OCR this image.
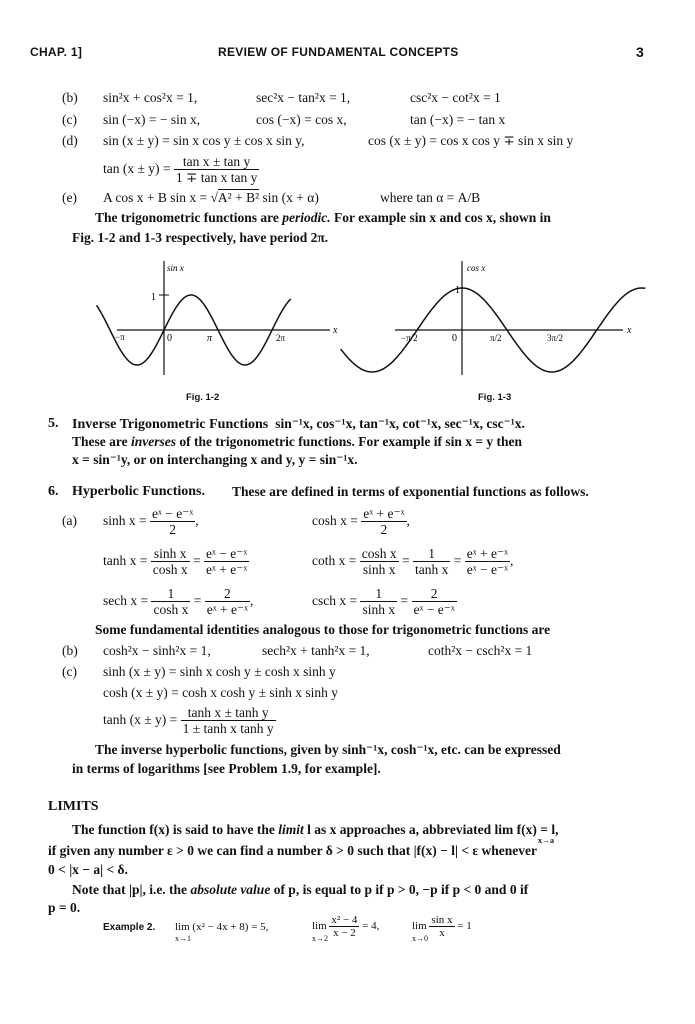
CHAP. 1]	REVIEW OF FUNDAMENTAL CONCEPTS	3
(b) sin²x + cos²x = 1,	sec²x − tan²x = 1,	csc²x − cot²x = 1
(c) sin (−x) = − sin x,	cos (−x) = cos x,	tan (−x) = − tan x
(d) sin (x ± y) = sin x cos y ± cos x sin y,	cos (x ± y) = cos x cos y ∓ sin x sin y
$\tan (x \pm y) = \frac{\text{tan x ± tan y}}{\text{1 ∓ tan x tan y}}$
(e) A cos x + B sin x = √A² + B² sin (x + α)	where tan α = A/B
The trigonometric functions are periodic. For example sin x and cos x, shown in
Fig. 1-2 and 1-3 respectively, have period 2π.
sin x
x
1
−π	0	π	2π
cos x
x
1
−π/2	0	π/2	3π/2
Fig. 1-2	Fig. 1-3
5. Inverse Trigonometric Functions sin⁻¹x, cos⁻¹x, tan⁻¹x, cot⁻¹x, sec⁻¹x, csc⁻¹x.
These are inverses of the trigonometric functions. For example if sin x = y then
x = sin⁻¹y, or on interchanging x and y, y = sin⁻¹x.
6. Hyperbolic Functions. These are defined in terms of exponential functions as follows.
(a) $\sinh x = \frac{\text{eˣ − e⁻ˣ}}{2}$ ,	$\cosh x = \frac{\text{eˣ + e⁻ˣ}}{2}$ ,
$\tanh x = \frac{\text{sinh x}}{\text{cosh x}} = \frac{\text{eˣ − e⁻ˣ}}{\text{eˣ + e⁻ˣ}}$	coth $x = \frac{\text{cosh x}}{\text{sinh x}} = \frac{1}{\text{tanh x}} = \frac{\text{eˣ + e⁻ˣ}}{\text{eˣ − e⁻ˣ}}$ ,
sech $x = \frac{1}{\text{cosh x}} = \frac{2}{\text{eˣ + e⁻ˣ}}$ ,	csch $x = \frac{1}{\text{sinh x}} = \frac{2}{\text{eˣ − e⁻ˣ}}$
Some fundamental identities analogous to those for trigonometric functions are
(b) cosh²x − sinh²x = 1,	sech²x + tanh²x = 1,	coth²x − csch²x = 1
(c) sinh (x ± y) = sinh x cosh y ± cosh x sinh y
cosh (x ± y) = cosh x cosh y ± sinh x sinh y
$\tanh (x \pm y) = \frac{\text{tanh x ± tanh y}}{\text{1 ± tanh x tanh y}}$
The inverse hyperbolic functions, given by sinh⁻¹x, cosh⁻¹x, etc. can be expressed
in terms of logarithms [see Problem 1.9, for example].
LIMITS
The function f(x) is said to have the limit l as x approaches a, abbreviated lim f(x) = l,
x→a
if given any number ε > 0 we can find a number δ > 0 such that |f(x) − l| < ε whenever
0 < |x − a| < δ.
Note that |p|, i.e. the absolute value of p, is equal to p if p > 0, −p if p < 0 and 0 if
p = 0.
Example 2. lim (x² − 4x + 8) = 5,
x→1
$\lim \frac{\text{x² − 4}}{x - 2} = 4$,
x→2
$\lim \frac{\text{sin x}}{x} = 1$
x→0
